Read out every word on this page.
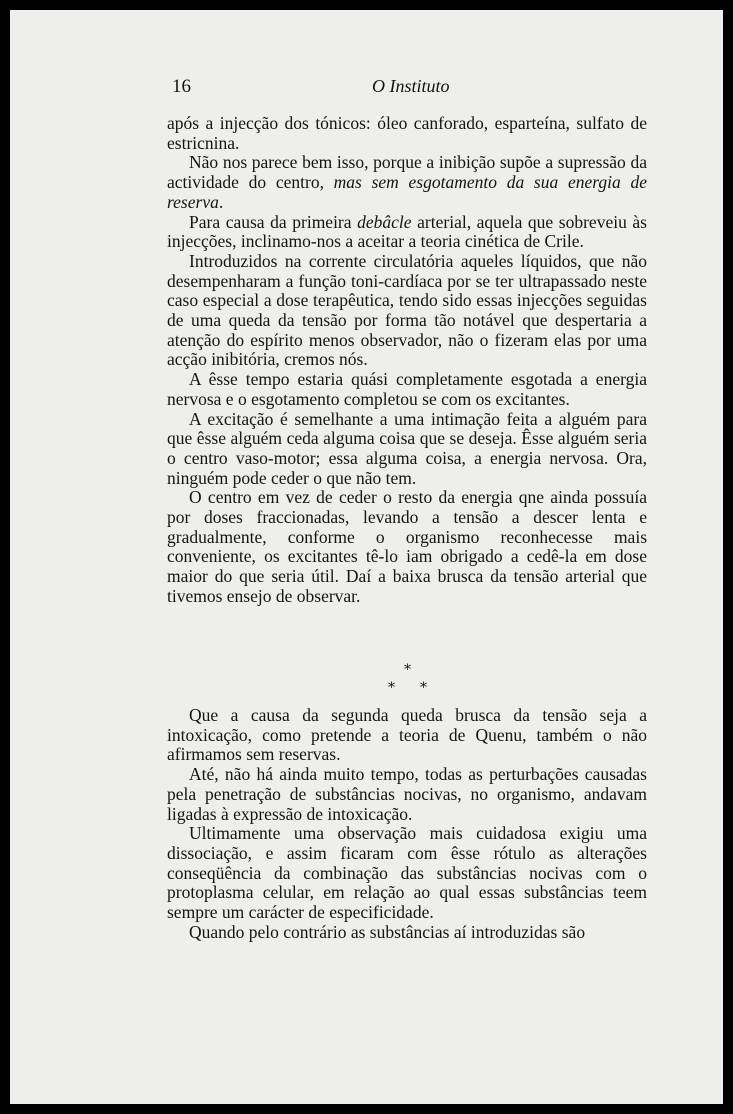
16	O Instituto

após a injecção dos tónicos: óleo canforado, esparteína, sulfato de estricnina.

Não nos parece bem isso, porque a inibição supõe a supressão da actividade do centro, mas sem esgotamento da sua energia de reserva.

Para causa da primeira debâcle arterial, aquela que sobreveiu às injecções, inclinamo-nos a aceitar a teoria cinética de Crile.

Introduzidos na corrente circulatória aqueles líquidos, que não desempenharam a função toni-cardíaca por se ter ultrapassado neste caso especial a dose terapêutica, tendo sido essas injecções seguidas de uma queda da tensão por forma tão notável que despertaria a atenção do espírito menos observador, não o fizeram elas por uma acção inibitória, cremos nós.

A êsse tempo estaria quási completamente esgotada a energia nervosa e o esgotamento completou se com os excitantes.

A excitação é semelhante a uma intimação feita a alguém para que êsse alguém ceda alguma coisa que se deseja. Êsse alguém seria o centro vaso-motor; essa alguma coisa, a energia nervosa. Ora, ninguém pode ceder o que não tem.

O centro em vez de ceder o resto da energia qne ainda possuía por doses fraccionadas, levando a tensão a descer lenta e gradualmente, conforme o organismo reconhecesse mais conveniente, os excitantes tê-lo iam obrigado a cedê-la em dose maior do que seria útil. Daí a baixa brusca da tensão arterial que tivemos ensejo de observar.

*
* *

Que a causa da segunda queda brusca da tensão seja a intoxicação, como pretende a teoria de Quenu, também o não afirmamos sem reservas.

Até, não há ainda muito tempo, todas as perturbações causadas pela penetração de substâncias nocivas, no organismo, andavam ligadas à expressão de intoxicação.

Ultimamente uma observação mais cuidadosa exigiu uma dissociação, e assim ficaram com êsse rótulo as alterações conseqüência da combinação das substâncias nocivas com o protoplasma celular, em relação ao qual essas substâncias teem sempre um carácter de especificidade.

Quando pelo contrário as substâncias aí introduzidas são
